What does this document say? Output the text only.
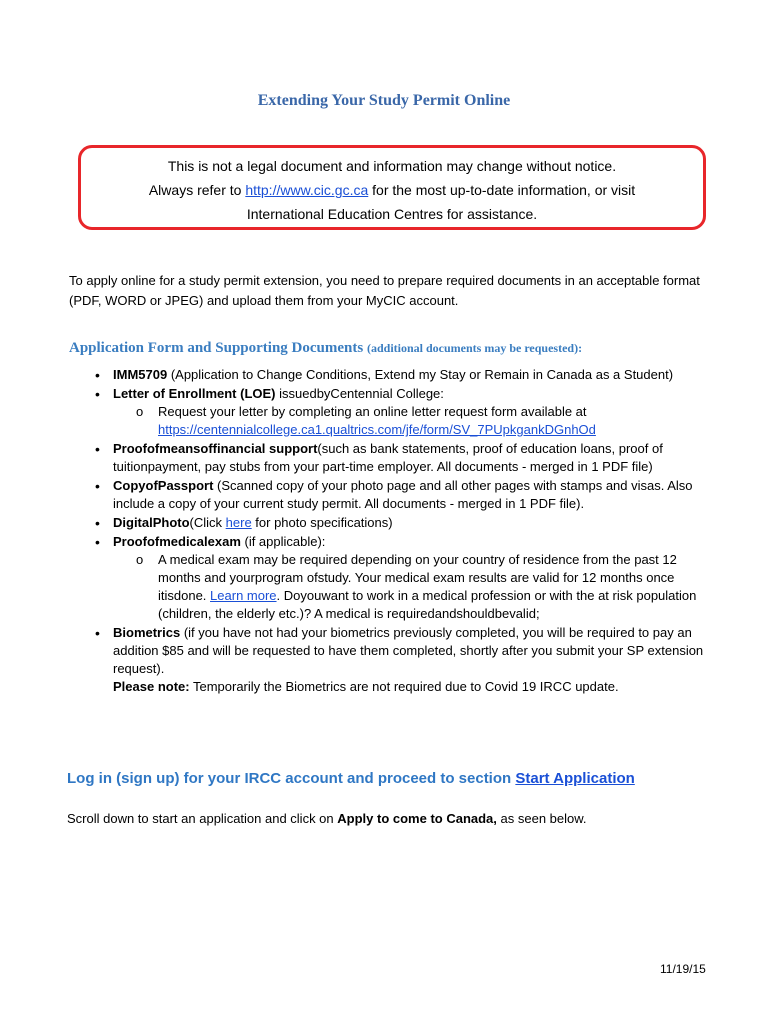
Extending Your Study Permit Online
This is not a legal document and information may change without notice.
Always refer to http://www.cic.gc.ca for the most up-to-date information, or visit
International Education Centres for assistance.
To apply online for a study permit extension, you need to prepare required documents in an acceptable format (PDF, WORD or JPEG) and upload them from your MyCIC account.
Application Form and Supporting Documents (additional documents may be requested):
• IMM5709 (Application to Change Conditions, Extend my Stay or Remain in Canada as a Student)
• Letter of Enrollment (LOE) issuedbyCentennial College:
o Request your letter by completing an online letter request form available at
https://centennialcollege.ca1.qualtrics.com/jfe/form/SV_7PUpkgankDGnhOd
• Proofofmeansoffinancial support(such as bank statements, proof of education loans, proof of tuitionpayment, pay stubs from your part-time employer. All documents - merged in 1 PDF file)
• CopyofPassport (Scanned copy of your photo page and all other pages with stamps and visas. Also include a copy of your current study permit. All documents - merged in 1 PDF file).
• DigitalPhoto(Click here for photo specifications)
• Proofofmedicalexam (if applicable):
o A medical exam may be required depending on your country of residence from the past 12 months and yourprogram ofstudy. Your medical exam results are valid for 12 months once itisdone. Learn more. Doyouwant to work in a medical profession or with the at risk population (children, the elderly etc.)? A medical is requiredandshouldbevalid;
• Biometrics (if you have not had your biometrics previously completed, you will be required to pay an addition $85 and will be requested to have them completed, shortly after you submit your SP extension request).
Please note: Temporarily the Biometrics are not required due to Covid 19 IRCC update.
Log in (sign up) for your IRCC account and proceed to section Start Application
Scroll down to start an application and click on Apply to come to Canada, as seen below.
11/19/15
